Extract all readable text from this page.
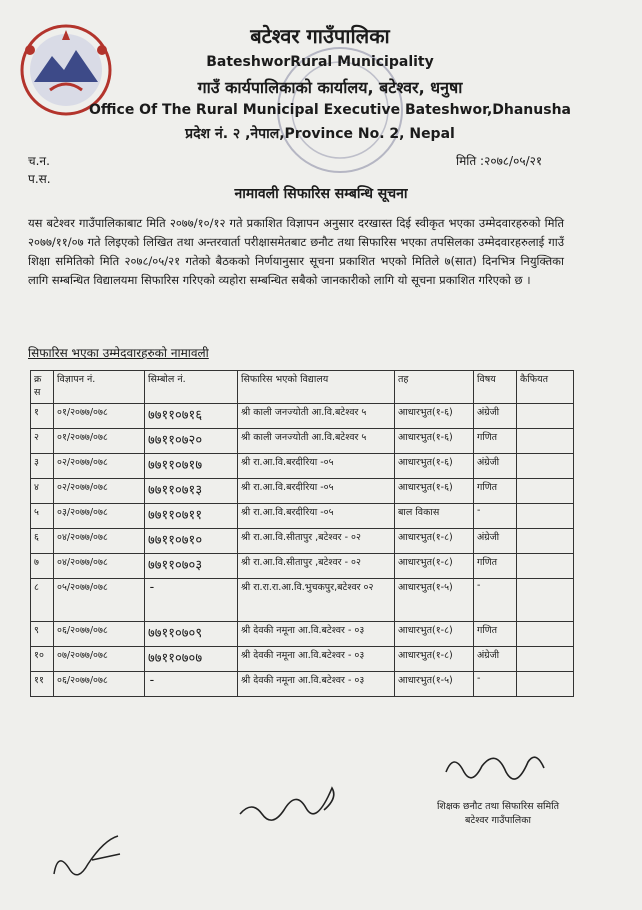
बटेश्वर गाउँपालिका
BateshworRural Municipality
गाउँ कार्यपालिकाको कार्यालय, बटेश्वर, धनुषा
Office Of The Rural Municipal Executive Bateshwor,Dhanusha
प्रदेश नं. २ ,नेपाल,Province No. 2, Nepal
च.न.
प.स.
मिति :२०७८/०५/२१
नामावली सिफारिस सम्बन्धि सूचना
यस बटेश्वर गाउँपालिकाबाट मिति २०७७/१०/१२ गते प्रकाशित विज्ञापन अनुसार दरखास्त दिई स्वीकृत भएका उम्मेदवारहरुको मिति २०७७/११/०७ गते लिइएको लिखित तथा अन्तरवार्ता परीक्षासमेतबाट छनौट तथा सिफारिस भएका तपसिलका उम्मेदवारहरुलाई गाउँ शिक्षा समितिको मिति २०७८/०५/२१ गतेको बैठकको निर्णयानुसार सूचना प्रकाशित भएको मितिले ७(सात) दिनभित्र नियुक्तिका लागि सम्बन्धित विद्यालयमा सिफारिस गरिएको व्यहोरा सम्बन्धित सबैको जानकारीको लागि यो सूचना प्रकाशित गरिएको छ ।
सिफारिस भएका उम्मेदवारहरुको नामावली
क्र स	विज्ञापन नं.	सिम्बोल नं.	सिफारिस भएको विद्यालय	तह	विषय	कैफियत
१	०१/२०७७/०७८	७७११०७१६	श्री काली जनज्योती आ.वि.बटेश्वर ५	आधारभुत(१-६)	अंग्रेजी	
२	०१/२०७७/०७८	७७११०७२०	श्री काली जनज्योती आ.वि.बटेश्वर ५	आधारभुत(१-६)	गणित	
३	०२/२०७७/०७८	७७११०७१७	श्री रा.आ.वि.बरदीरिया -०५	आधारभुत(१-६)	अंग्रेजी	
४	०२/२०७७/०७८	७७११०७१३	श्री रा.आ.वि.बरदीरिया -०५	आधारभुत(१-६)	गणित	
५	०३/२०७७/०७८	७७११०७११	श्री रा.आ.वि.बरदीरिया -०५	बाल विकास	-	
६	०४/२०७७/०७८	७७११०७१०	श्री रा.आ.वि.सीतापुर ,बटेश्वर - ०२	आधारभुत(१-८)	अंग्रेजी	
७	०४/२०७७/०७८	७७११०७०३	श्री रा.आ.वि.सीतापुर ,बटेश्वर - ०२	आधारभुत(१-८)	गणित	
८	०५/२०७७/०७८	-	श्री रा.रा.रा.आ.वि.भुचकपुर,बटेश्वर ०२	आधारभुत(१-५)	-	
९	०६/२०७७/०७८	७७११०७०९	श्री देवकी नमूना आ.वि.बटेश्वर - ०३	आधारभुत(१-८)	गणित	
१०	०७/२०७७/०७८	७७११०७०७	श्री देवकी नमूना आ.वि.बटेश्वर - ०३	आधारभुत(१-८)	अंग्रेजी	
११	०६/२०७७/०७८	-	श्री देवकी नमूना आ.वि.बटेश्वर - ०३	आधारभुत(१-५)	-	
शिक्षक छनौट तथा सिफारिस समिति
बटेश्वर गाउँपालिका
